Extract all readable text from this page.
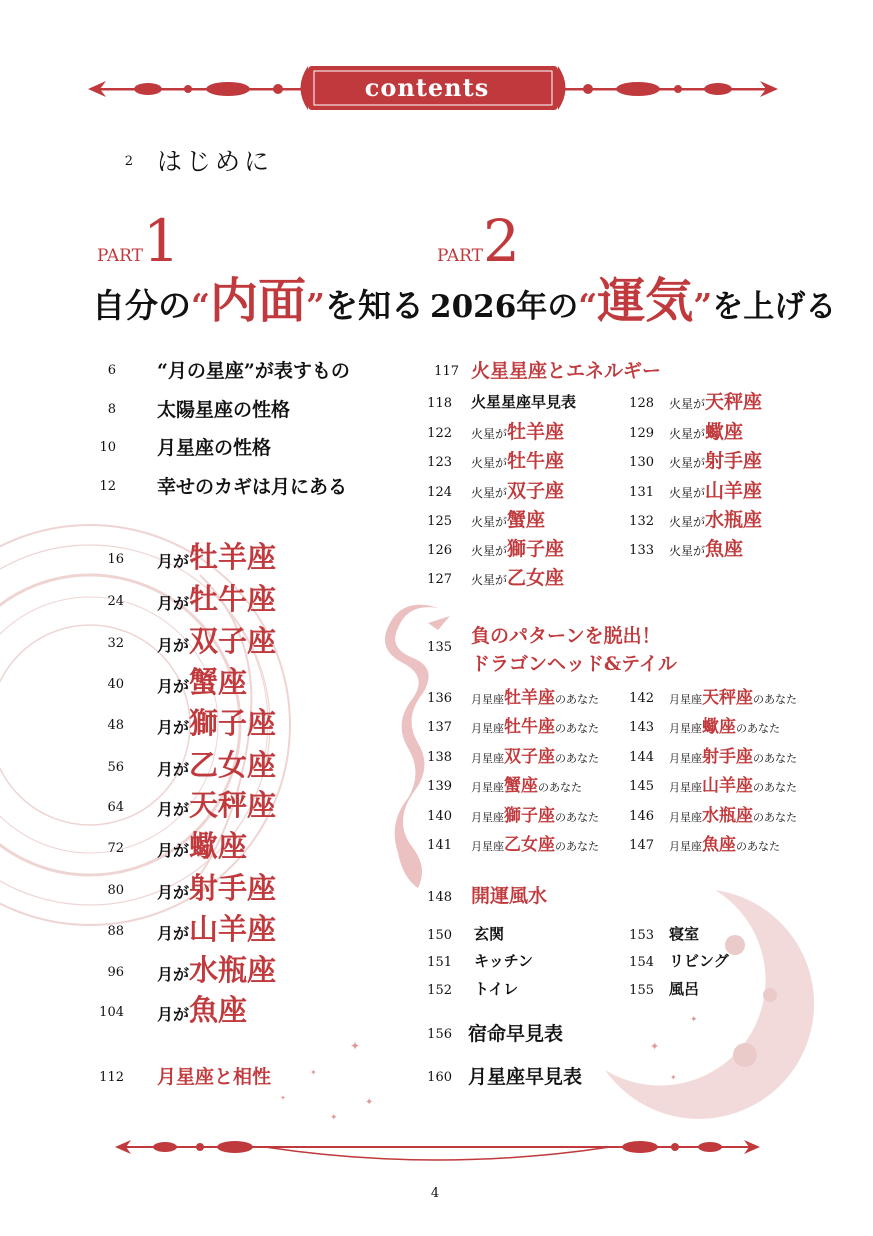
✦
✦
✦
✦
✦
✦
✦
✦
contents
2 はじめに
PART1
自分の“内面”を知る
PART2
2026年の“運気”を上げる
6 “月の星座”が表すもの
8 太陽星座の性格
10 月星座の性格
12 幸せのカギは月にある
16 月が牡羊座
24 月が牡牛座
32 月が双子座
40 月が蟹座
48 月が獅子座
56 月が乙女座
64 月が天秤座
72 月が蠍座
80 月が射手座
88 月が山羊座
96 月が水瓶座
104 月が魚座
112 月星座と相性
117 火星星座とエネルギー
118 火星星座早見表
122 火星が牡羊座
123 火星が牡牛座
124 火星が双子座
125 火星が蟹座
126 火星が獅子座
127 火星が乙女座
128 火星が天秤座
129 火星が蠍座
130 火星が射手座
131 火星が山羊座
132 火星が水瓶座
133 火星が魚座
135
負のパターンを脱出！
ドラゴンヘッド&テイル
136 月星座牡羊座のあなた
137 月星座牡牛座のあなた
138 月星座双子座のあなた
139 月星座蟹座のあなた
140 月星座獅子座のあなた
141 月星座乙女座のあなた
142 月星座天秤座のあなた
143 月星座蠍座のあなた
144 月星座射手座のあなた
145 月星座山羊座のあなた
146 月星座水瓶座のあなた
147 月星座魚座のあなた
148 開運風水
150 玄関
151 キッチン
152 トイレ
153 寝室
154 リビング
155 風呂
156 宿命早見表
160 月星座早見表
4
